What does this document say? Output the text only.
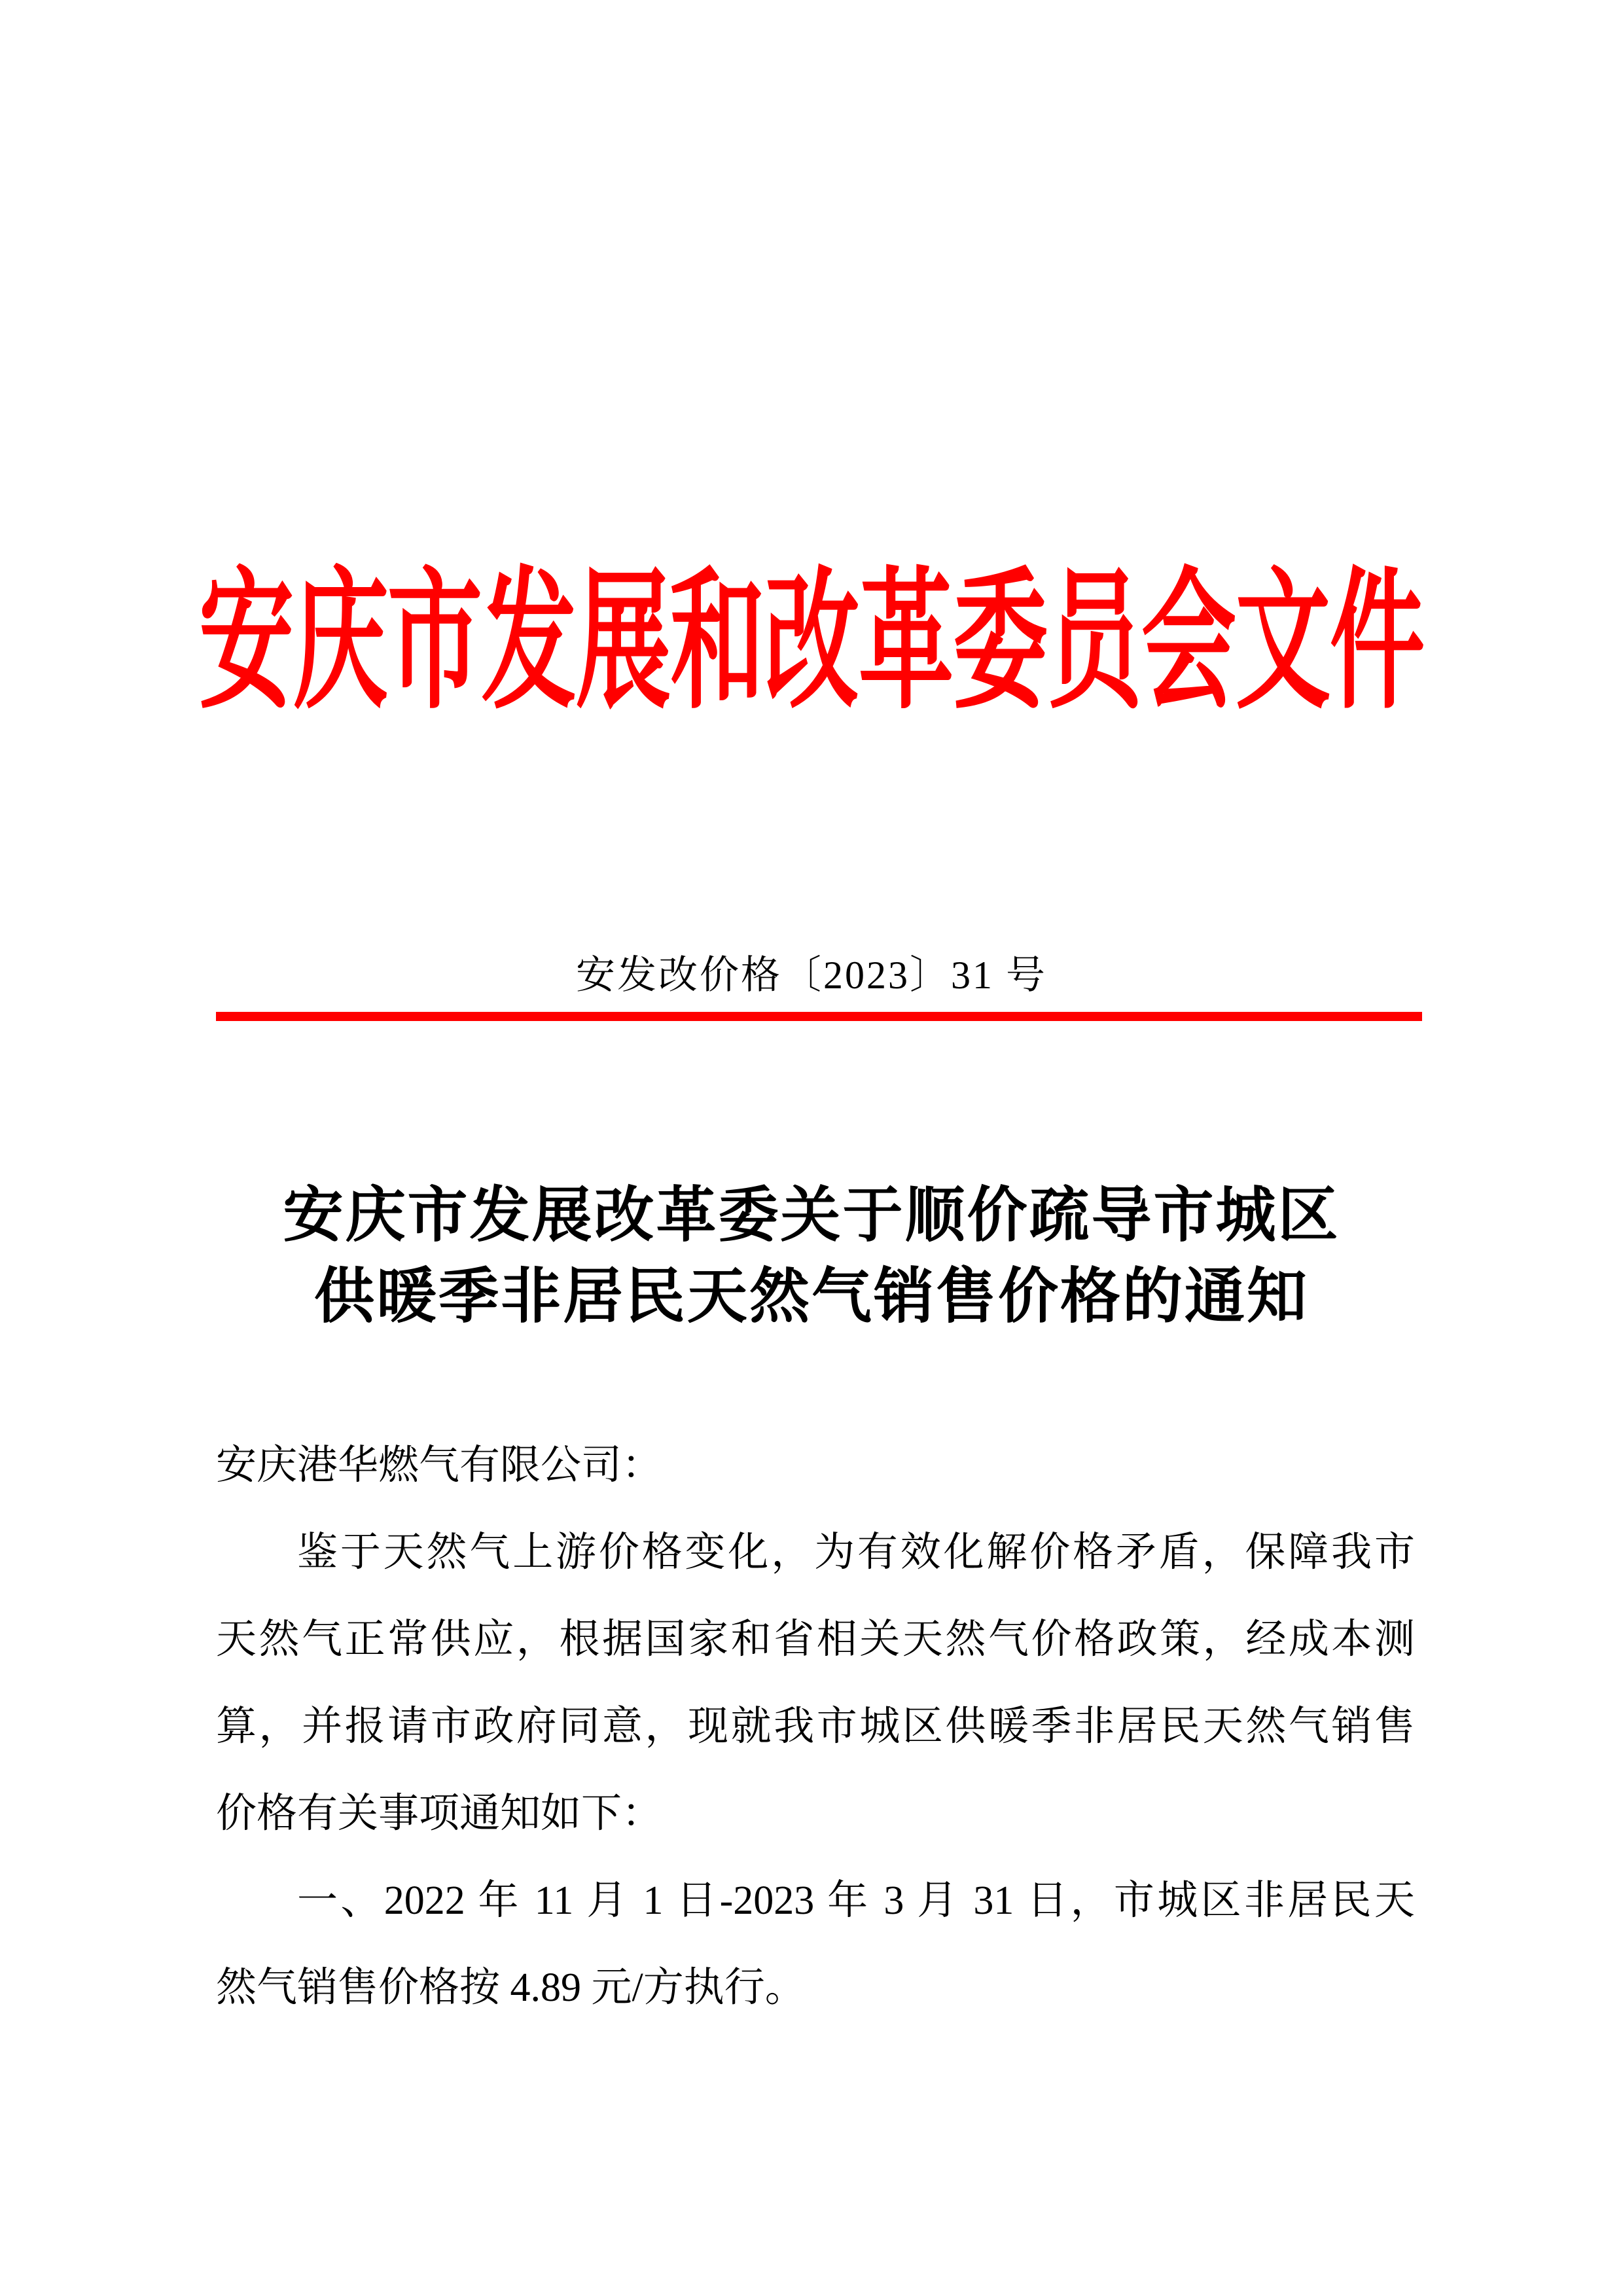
安庆市发展和改革委员会文件
安发改价格〔2023〕31 号
安庆市发展改革委关于顺价疏导市城区
供暖季非居民天然气销售价格的通知
安庆港华燃气有限公司：
鉴于天然气上游价格变化，为有效化解价格矛盾，保障我市
天然气正常供应，根据国家和省相关天然气价格政策，经成本测
算，并报请市政府同意，现就我市城区供暖季非居民天然气销售
价格有关事项通知如下：
一、2022 年 11 月 1 日-2023 年 3 月 31 日，市城区非居民天
然气销售价格按 4.89 元/方执行。
